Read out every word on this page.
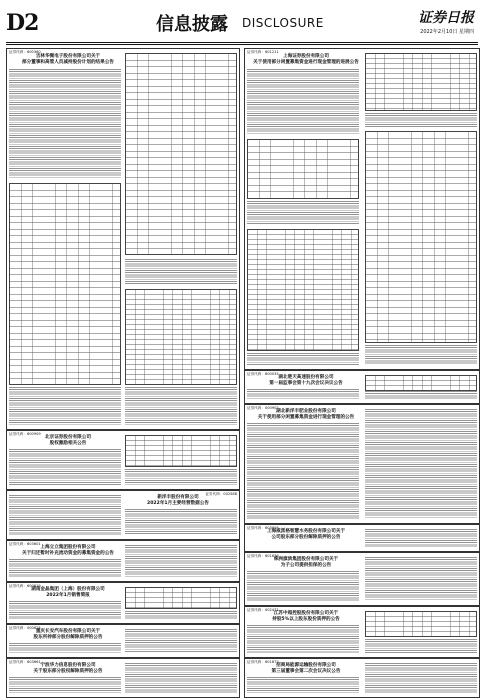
D2	信息披露 DISCLOSURE	证券日报
2022年2月10日 星期四
证券代码：600360
吉林华微电子股份有限公司关于
部分董事和高管人员减持股份计划的结果公告
证券代码：600909
北京证券股份有限公司
股权激励相关公告
证券代码：002588
新洋丰股份有限公司
2022年1月主要经营数据公告
证券代码：603601
上海立立集团股份有限公司
关于归还暂时补充流动资金的募集资金的公告
证券代码：600819
湖南金晶集团（上海）股份有限公司
2022年1月销售简报
证券代码：000625
重庆长安汽车股份有限公司关于
股东所持部分股份解除质押的公告
证券代码：603661
宁波华力信息股份有限公司
关于股东部分股权解除质押的公告
证券代码：601211
上海证券股份有限公司
关于使用部分闲置募集资金进行现金管理的进展公告
证券代码：600035
湖北楚天高速股份有限公司
第一届监事会第十九次会议决议公告
证券代码：000902
湖北新洋丰肥业股份有限公司
关于使用部分闲置募集资金进行现金管理的公告
证券代码：603956
上海威派格智慧水务股份有限公司关于
公司股东部分股份解除质押的公告
证券代码：601636
株洲旗滨集团股份有限公司关于
为子公司提供担保的公告
证券代码：002471
江苏中超控股股份有限公司关于
持股5%以上股东股份质押的公告
证券代码：601872
招商局能源运输股份有限公司
第三届董事会第二次会议决议公告
